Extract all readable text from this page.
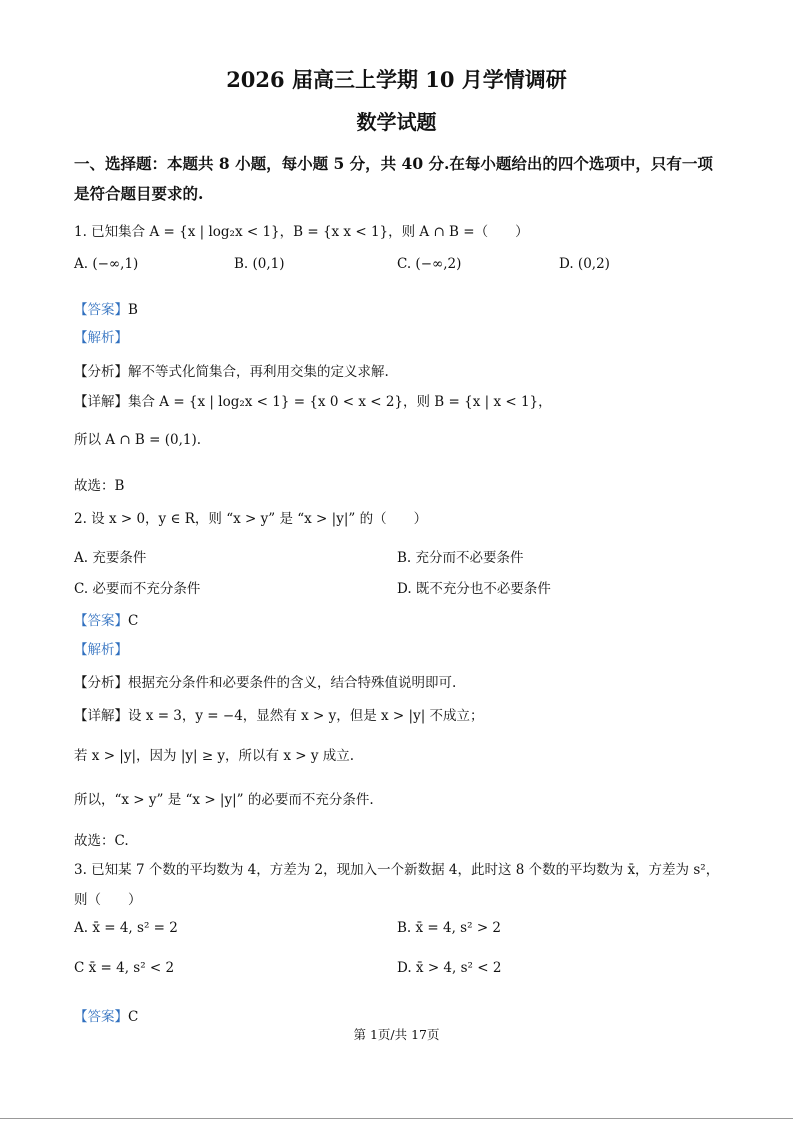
2026 届高三上学期 10 月学情调研
数学试题
一、选择题：本题共 8 小题，每小题 5 分，共 40 分.在每小题给出的四个选项中，只有一项
是符合题目要求的.
1. 已知集合 A = {x | log₂x < 1}，B = {x x < 1}，则 A ∩ B =（　　）
A. (−∞,1)	B. (0,1)	C. (−∞,2)	D. (0,2)
【答案】B
【解析】
【分析】解不等式化简集合，再利用交集的定义求解.
【详解】集合 A = {x | log₂x < 1} = {x 0 < x < 2}，则 B = {x | x < 1}，
所以 A ∩ B = (0,1).
故选：B
2. 设 x > 0，y ∈ R，则 “x > y” 是 “x > |y|” 的（　　）
A. 充要条件	B. 充分而不必要条件
C. 必要而不充分条件	D. 既不充分也不必要条件
【答案】C
【解析】
【分析】根据充分条件和必要条件的含义，结合特殊值说明即可.
【详解】设 x = 3，y = −4，显然有 x > y，但是 x > |y| 不成立；
若 x > |y|，因为 |y| ≥ y，所以有 x > y 成立.
所以，“x > y” 是 “x > |y|” 的必要而不充分条件.
故选：C.
3. 已知某 7 个数的平均数为 4，方差为 2，现加入一个新数据 4，此时这 8 个数的平均数为 x̄，方差为 s²，
则（　　）
A. x̄ = 4, s² = 2	B. x̄ = 4, s² > 2
C x̄ = 4, s² < 2	D. x̄ > 4, s² < 2
【答案】C
第 1页/共 17页
